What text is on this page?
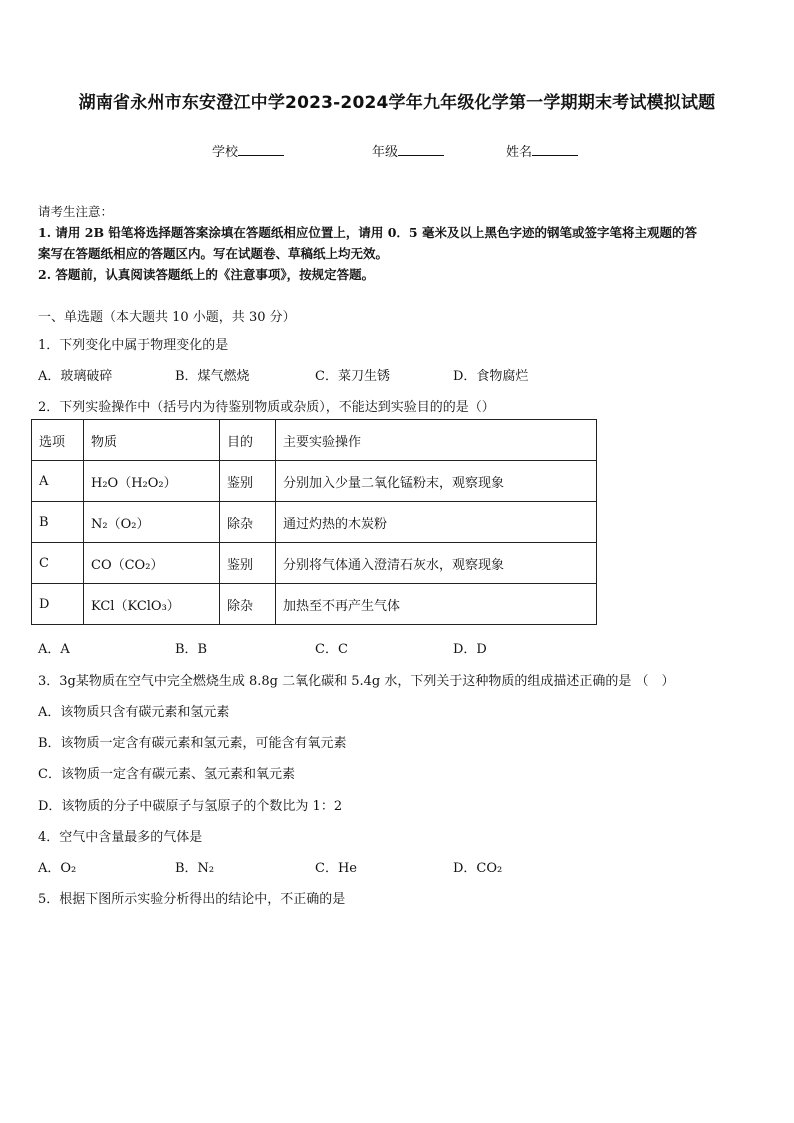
湖南省永州市东安澄江中学2023-2024学年九年级化学第一学期期末考试模拟试题
学校	年级	姓名
请考生注意：
1. 请用 2B 铅笔将选择题答案涂填在答题纸相应位置上，请用 0．5 毫米及以上黑色字迹的钢笔或签字笔将主观题的答
案写在答题纸相应的答题区内。写在试题卷、草稿纸上均无效。
2. 答题前，认真阅读答题纸上的《注意事项》，按规定答题。
一、单选题（本大题共 10 小题，共 30 分）
1．下列变化中属于物理变化的是
A．玻璃破碎	B．煤气燃烧	C．菜刀生锈	D．食物腐烂
2．下列实验操作中（括号内为待鉴别物质或杂质），不能达到实验目的的是（）
选项	物质	目的	主要实验操作
A	H₂O（H₂O₂）	鉴别	分别加入少量二氧化锰粉末，观察现象
B	N₂（O₂）	除杂	通过灼热的木炭粉
C	CO（CO₂）	鉴别	分别将气体通入澄清石灰水，观察现象
D	KCl（KClO₃）	除杂	加热至不再产生气体
A．A	B．B	C．C	D．D
3．3g某物质在空气中完全燃烧生成 8.8g 二氧化碳和 5.4g 水，下列关于这种物质的组成描述正确的是 （　）
A．该物质只含有碳元素和氢元素
B．该物质一定含有碳元素和氢元素，可能含有氧元素
C．该物质一定含有碳元素、氢元素和氧元素
D．该物质的分子中碳原子与氢原子的个数比为 1：2
4．空气中含量最多的气体是
A．O₂	B．N₂	C．He	D．CO₂
5．根据下图所示实验分析得出的结论中，不正确的是
